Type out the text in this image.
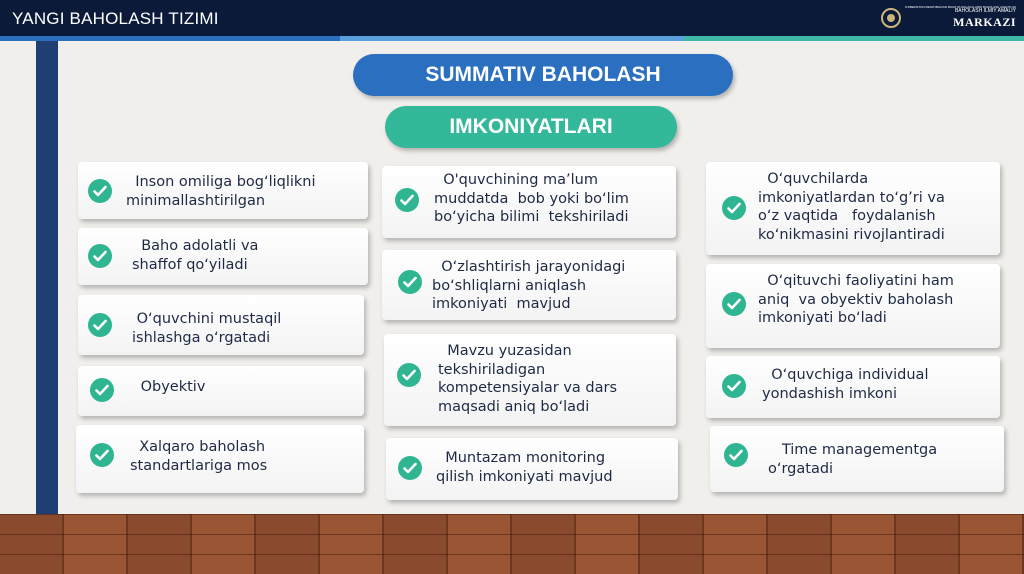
YANGI BAHOLASH TIZIMI
O'ZBEKISTON RESPUBLIKASI BILIM VA MALAKALARNI BAHOLASH AGENTLIGI
BAHOLASH ILMIY AMALIY
MARKAZI
SUMMATIV BAHOLASH
IMKONIYATLARI
Inson omiliga bog‘liqlikni
minimallashtirilgan
Baho adolatli va
shaffof qo‘yiladi
O‘quvchini mustaqil
ishlashga o‘rgatadi
Obyektiv
Xalqaro baholash
standartlariga mos
O'quvchining ma’lum
muddatda  bob yoki bo‘lim
bo‘yicha bilimi  tekshiriladi
O‘zlashtirish jarayonidagi
bo‘shliqlarni aniqlash
imkoniyati  mavjud
Mavzu yuzasidan
tekshiriladigan
kompetensiyalar va dars
maqsadi aniq bo‘ladi
Muntazam monitoring
qilish imkoniyati mavjud
O‘quvchilarda
imkoniyatlardan to‘g’ri va
o‘z vaqtida   foydalanish
ko‘nikmasini rivojlantiradi
O‘qituvchi faoliyatini ham
aniq  va obyektiv baholash
imkoniyati bo‘ladi
O‘quvchiga individual
yondashish imkoni
Time managementga
o‘rgatadi
